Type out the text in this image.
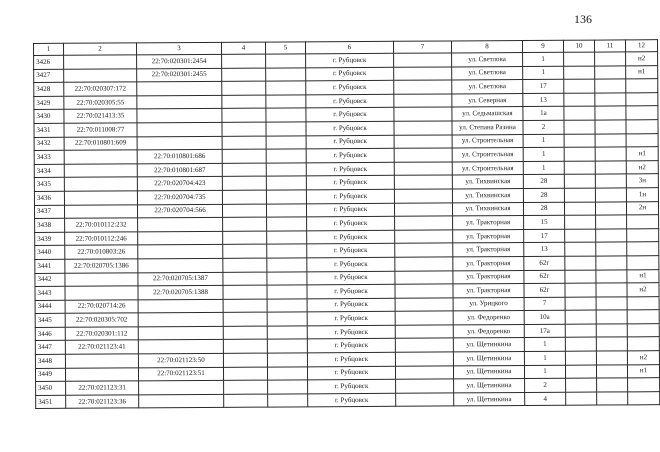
136
1	2	3	4	5	6	7	8	9	10	11	12
3426		22:70:020301:2454			г. Рубцовск		ул. Светлова	1			н2
3427		22:70:020301:2455			г. Рубцовск		ул. Светлова	1			н1
3428	22:70:020307:172				г. Рубцовск		ул. Светлова	17			
3429	22:70:020305:55				г. Рубцовск		ул. Северная	13			
3430	22:70:021413:35				г. Рубцовск		ул. Седьмашская	1а			
3431	22:70:011008:77				г. Рубцовск		ул. Степана Разина	2			
3432	22:70:010801:609				г. Рубцовск		ул. Строительная	1			
3433		22:70:010801:686			г. Рубцовск		ул. Строительная	1			н1
3434		22:70:010801:687			г. Рубцовск		ул. Строительная	1			н2
3435		22:70:020704:423			г. Рубцовск		ул. Тихвинская	28			3н
3436		22:70:020704:735			г. Рубцовск		ул. Тихвинская	28			1н
3437		22:70:020704:566			г. Рубцовск		ул. Тихвинская	28			2н
3438	22:70:010112:232				г. Рубцовск		ул. Тракторная	15			
3439	22:70:010112:246				г. Рубцовск		ул. Тракторная	17			
3440	22:70:010803:26				г. Рубцовск		ул. Тракторная	13			
3441	22:70:020705:1386				г. Рубцовск		ул. Тракторная	62г			
3442		22:70:020705:1387			г. Рубцовск		ул. Тракторная	62г			н1
3443		22:70:020705:1388			г. Рубцовск		ул. Тракторная	62г			н2
3444	22:70:020714:26				г. Рубцовск		ул. Урицкого	7			
3445	22:70:020305:702				г. Рубцовск		ул. Федоренко	10а			
3446	22:70:020301:112				г. Рубцовск		ул. Федоренко	17а			
3447	22:70:021123:41				г. Рубцовск		ул. Щетинкина	1			
3448		22:70:021123:50			г. Рубцовск		ул. Щетинкина	1			н2
3449		22:70:021123:51			г. Рубцовск		ул. Щетинкина	1			н1
3450	22:70:021123:31				г. Рубцовск		ул. Щетинкина	2			
3451	22:70:021123:36				г. Рубцовск		ул. Щетинкина	4			
